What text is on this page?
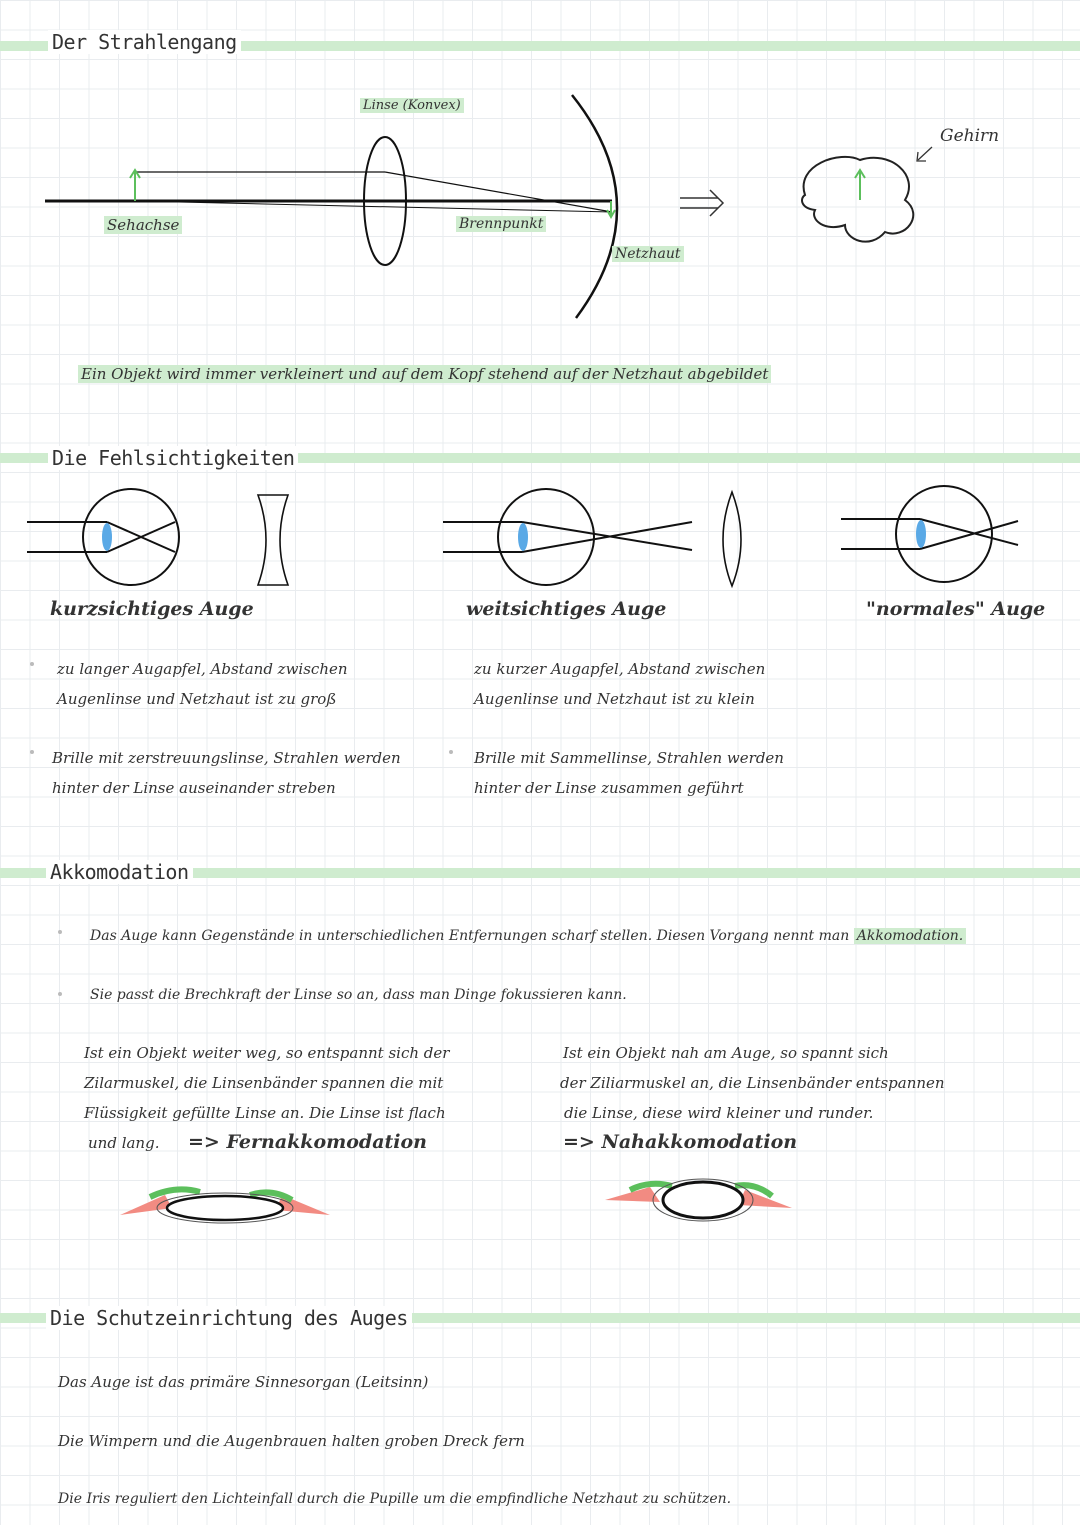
Der Strahlengang
Die Fehlsichtigkeiten
Akkomodation
Die Schutzeinrichtung des Auges
Linse (Konvex)
Sehachse	Brennpunkt
Netzhaut
Gehirn
Ein Objekt wird immer verkleinert und auf dem Kopf stehend auf der Netzhaut abgebildet
kurzsichtiges Auge	weitsichtiges Auge	"normales" Auge
zu langer Augapfel, Abstand zwischen
Augenlinse und Netzhaut ist zu groß
Brille mit zerstreuungslinse, Strahlen werden
hinter der Linse auseinander streben
zu kurzer Augapfel, Abstand zwischen
Augenlinse und Netzhaut ist zu klein
Brille mit Sammellinse, Strahlen werden
hinter der Linse zusammen geführt
Das Auge kann Gegenstände in unterschiedlichen Entfernungen scharf stellen. Diesen Vorgang nennt man Akkomodation.
Sie passt die Brechkraft der Linse so an, dass man Dinge fokussieren kann.
Ist ein Objekt weiter weg, so entspannt sich der
Zilarmuskel, die Linsenbänder spannen die mit
Flüssigkeit gefüllte Linse an. Die Linse ist flach
und lang. => Fernakkomodation
Ist ein Objekt nah am Auge, so spannt sich
der Ziliarmuskel an, die Linsenbänder entspannen
die Linse, diese wird kleiner und runder.
=> Nahakkomodation
Das Auge ist das primäre Sinnesorgan (Leitsinn)
Die Wimpern und die Augenbrauen halten groben Dreck fern
Die Iris reguliert den Lichteinfall durch die Pupille um die empfindliche Netzhaut zu schützen.
